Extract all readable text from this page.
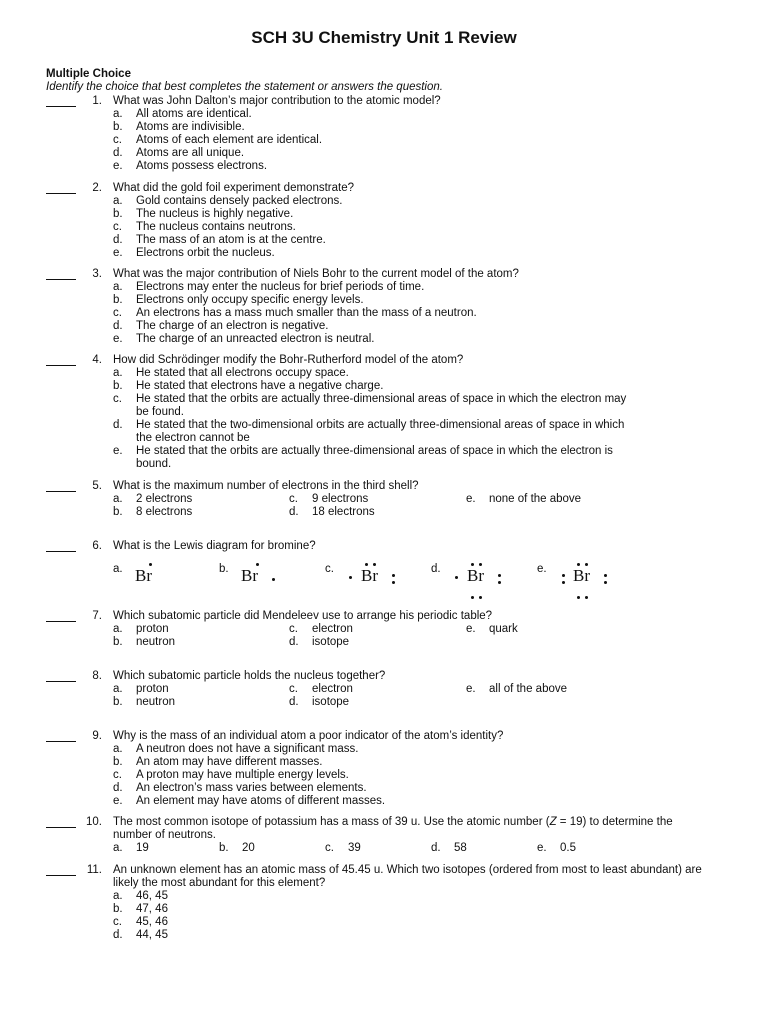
SCH 3U Chemistry Unit 1 Review
Multiple Choice
Identify the choice that best completes the statement or answers the question.
1. What was John Dalton’s major contribution to the atomic model?
a. All atoms are identical.
b. Atoms are indivisible.
c. Atoms of each element are identical.
d. Atoms are all unique.
e. Atoms possess electrons.
2. What did the gold foil experiment demonstrate?
a. Gold contains densely packed electrons.
b. The nucleus is highly negative.
c. The nucleus contains neutrons.
d. The mass of an atom is at the centre.
e. Electrons orbit the nucleus.
3. What was the major contribution of Niels Bohr to the current model of the atom?
a. Electrons may enter the nucleus for brief periods of time.
b. Electrons only occupy specific energy levels.
c. An electrons has a mass much smaller than the mass of a neutron.
d. The charge of an electron is negative.
e. The charge of an unreacted electron is neutral.
4. How did Schrödinger modify the Bohr-Rutherford model of the atom?
a. He stated that all electrons occupy space.
b. He stated that electrons have a negative charge.
c. He stated that the orbits are actually three-dimensional areas of space in which the electron may be found.
d. He stated that the two-dimensional orbits are actually three-dimensional areas of space in which the electron cannot be
e. He stated that the orbits are actually three-dimensional areas of space in which the electron is bound.
5. What is the maximum number of electrons in the third shell?
a. 2 electrons
b. 8 electrons
c. 9 electrons
d. 18 electrons
e. none of the above
6. What is the Lewis diagram for bromine?
a. Br	b. Br	c. Br	d. Br	e. Br
7. Which subatomic particle did Mendeleev use to arrange his periodic table?
a. proton
b. neutron
c. electron
d. isotope
e. quark
8. Which subatomic particle holds the nucleus together?
a. proton
b. neutron
c. electron
d. isotope
e. all of the above
9. Why is the mass of an individual atom a poor indicator of the atom’s identity?
a. A neutron does not have a significant mass.
b. An atom may have different masses.
c. A proton may have multiple energy levels.
d. An electron’s mass varies between elements.
e. An element may have atoms of different masses.
10. The most common isotope of potassium has a mass of 39 u. Use the atomic number (Z = 19) to determine the number of neutrons.
a. 19	b. 20	c. 39	d. 58	e. 0.5
11. An unknown element has an atomic mass of 45.45 u. Which two isotopes (ordered from most to least abundant) are likely the most abundant for this element?
a. 46, 45
b. 47, 46
c. 45, 46
d. 44, 45
